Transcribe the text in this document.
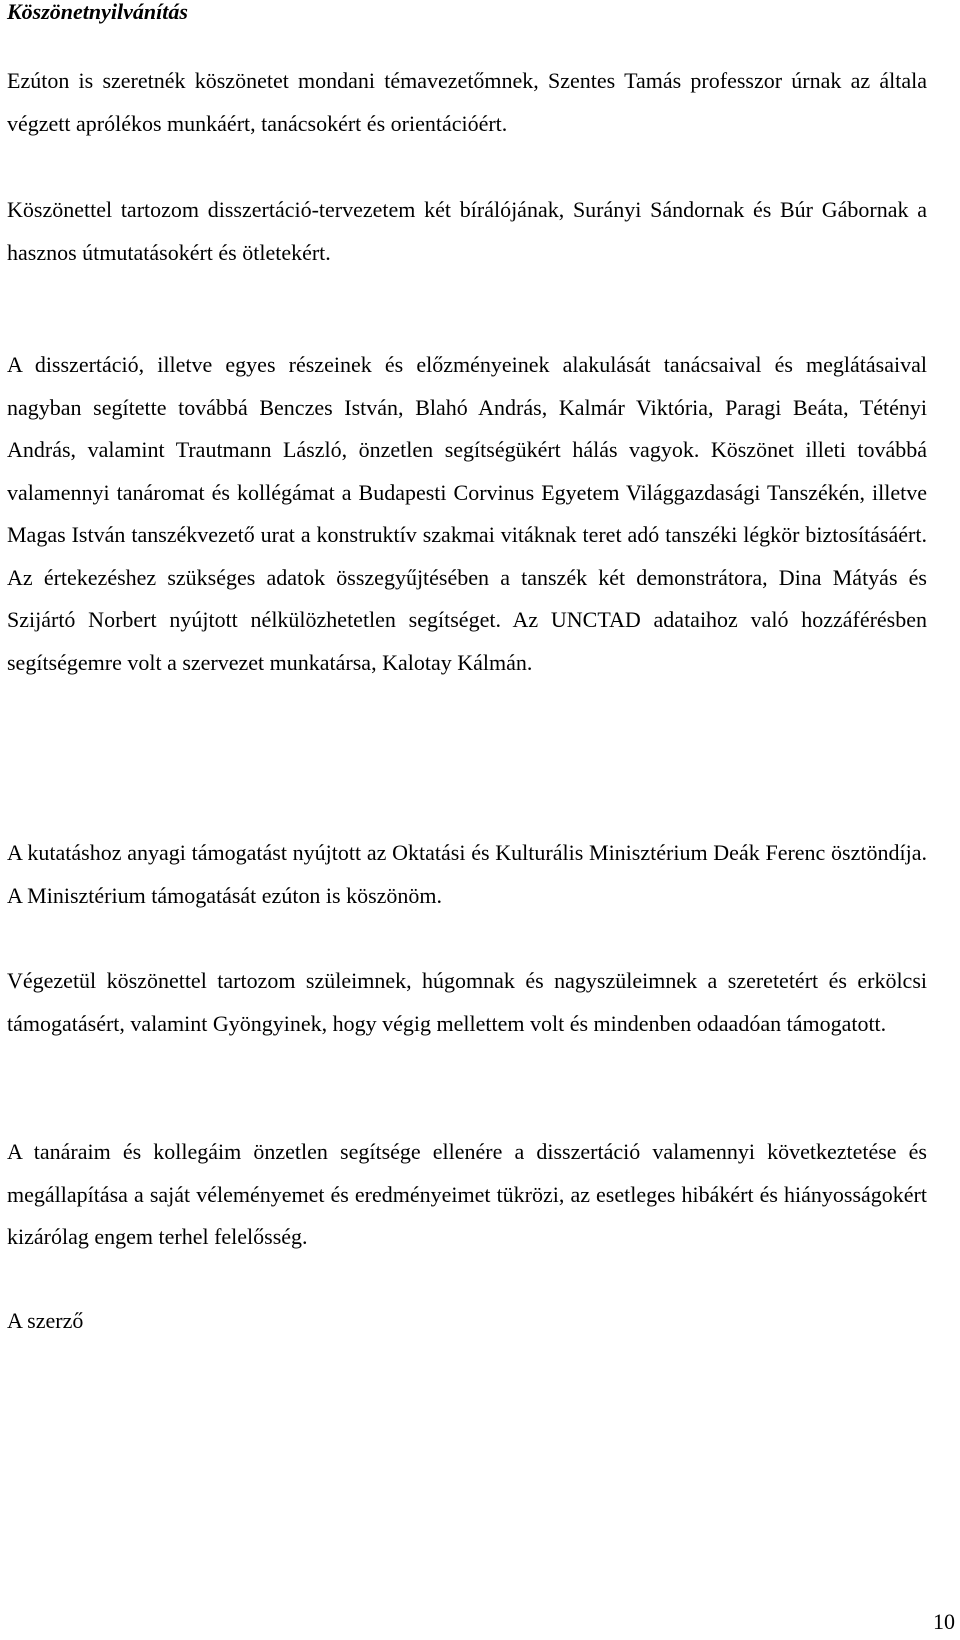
Köszönetnyilvánítás

Ezúton is szeretnék köszönetet mondani témavezetőmnek, Szentes Tamás professzor úrnak az általa végzett aprólékos munkáért, tanácsokért és orientációért.

Köszönettel tartozom disszertáció-tervezetem két bírálójának, Surányi Sándornak és Búr Gábornak a hasznos útmutatásokért és ötletekért.

A disszertáció, illetve egyes részeinek és előzményeinek alakulását tanácsaival és meglátásaival nagyban segítette továbbá Benczes István, Blahó András, Kalmár Viktória, Paragi Beáta, Tétényi András, valamint Trautmann László, önzetlen segítségükért hálás vagyok. Köszönet illeti továbbá valamennyi tanáromat és kollégámat a Budapesti Corvinus Egyetem Világgazdasági Tanszékén, illetve Magas István tanszékvezető urat a konstruktív szakmai vitáknak teret adó tanszéki légkör biztosításáért. Az értekezéshez szükséges adatok összegyűjtésében a tanszék két demonstrátora, Dina Mátyás és Szijártó Norbert nyújtott nélkülözhetetlen segítséget. Az UNCTAD adataihoz való hozzáférésben segítségemre volt a szervezet munkatársa, Kalotay Kálmán.

A kutatáshoz anyagi támogatást nyújtott az Oktatási és Kulturális Minisztérium Deák Ferenc ösztöndíja. A Minisztérium támogatását ezúton is köszönöm.

Végezetül köszönettel tartozom szüleimnek, húgomnak és nagyszüleimnek a szeretetért és erkölcsi támogatásért, valamint Gyöngyinek, hogy végig mellettem volt és mindenben odaadóan támogatott.

A tanáraim és kollegáim önzetlen segítsége ellenére a disszertáció valamennyi következtetése és megállapítása a saját véleményemet és eredményeimet tükrözi, az esetleges hibákért és hiányosságokért kizárólag engem terhel felelősség.

A szerző
10
